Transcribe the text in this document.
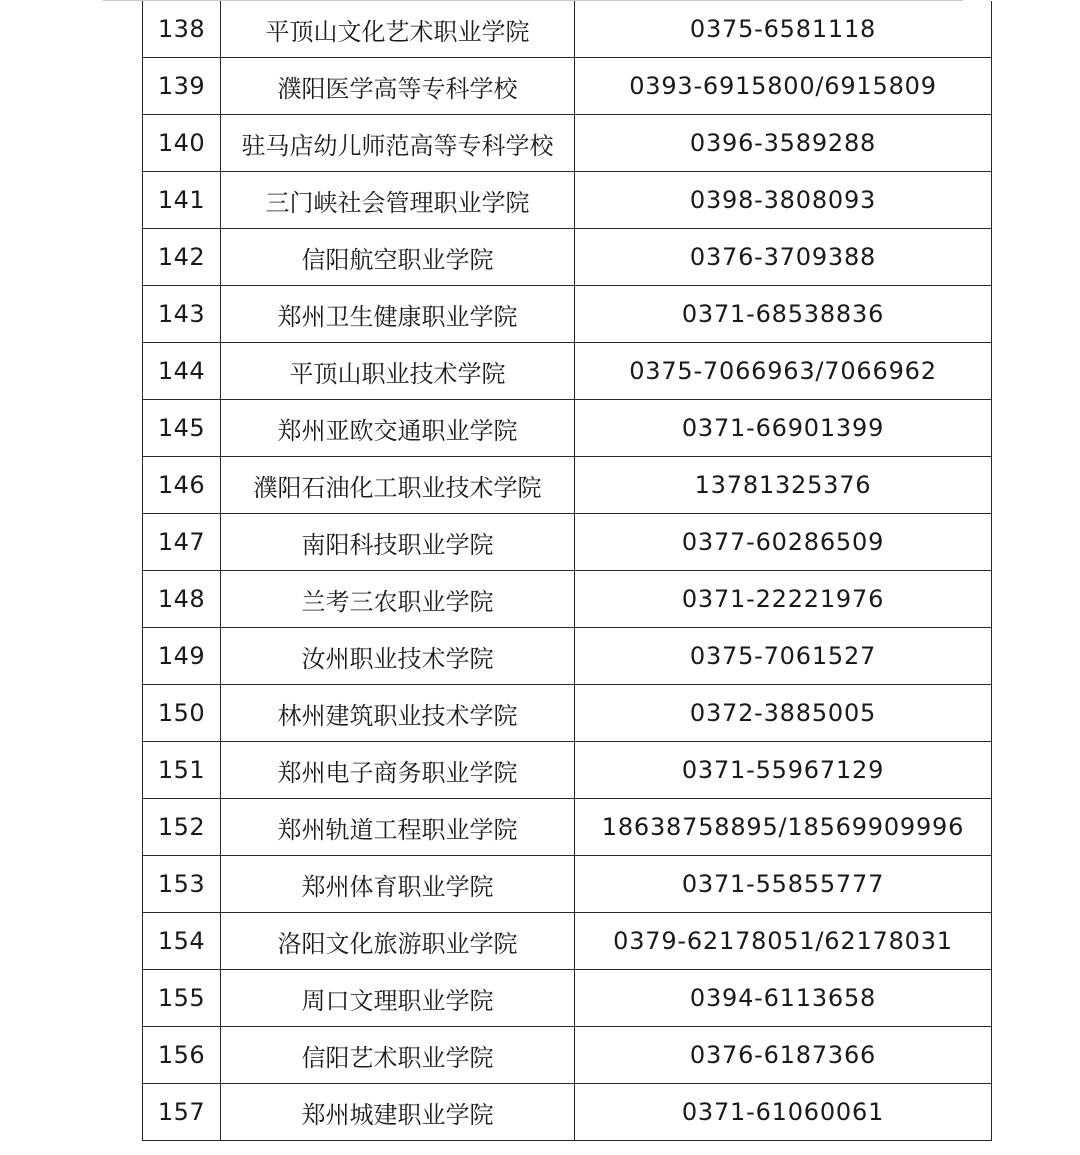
138	平顶山文化艺术职业学院	0375-6581118
139	濮阳医学高等专科学校	0393-6915800/6915809
140	驻马店幼儿师范高等专科学校	0396-3589288
141	三门峡社会管理职业学院	0398-3808093
142	信阳航空职业学院	0376-3709388
143	郑州卫生健康职业学院	0371-68538836
144	平顶山职业技术学院	0375-7066963/7066962
145	郑州亚欧交通职业学院	0371-66901399
146	濮阳石油化工职业技术学院	13781325376
147	南阳科技职业学院	0377-60286509
148	兰考三农职业学院	0371-22221976
149	汝州职业技术学院	0375-7061527
150	林州建筑职业技术学院	0372-3885005
151	郑州电子商务职业学院	0371-55967129
152	郑州轨道工程职业学院	18638758895/18569909996
153	郑州体育职业学院	0371-55855777
154	洛阳文化旅游职业学院	0379-62178051/62178031
155	周口文理职业学院	0394-6113658
156	信阳艺术职业学院	0376-6187366
157	郑州城建职业学院	0371-61060061
